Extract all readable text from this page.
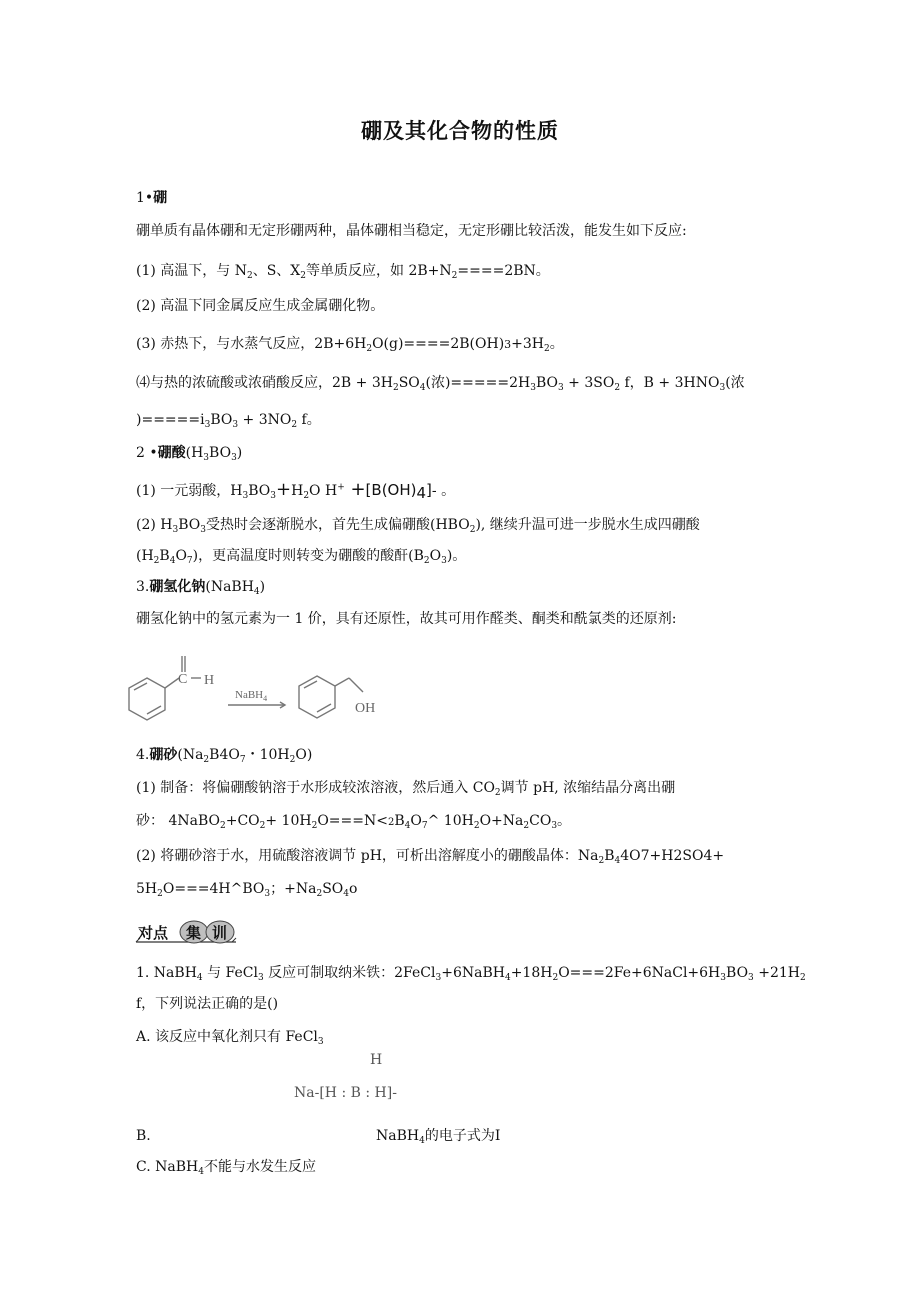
硼及其化合物的性质
1•硼
硼单质有晶体硼和无定形硼两种，晶体硼相当稳定，无定形硼比较活泼，能发生如下反应:
(1) 高温下，与 $N_2$、S、$X_2$等单质反应，如 $2B+N_2====2BN$。
(2) 高温下同金属反应生成金属硼化物。
(3) 赤热下，与水蒸气反应，$2B+6H_2O(g)====2B(OH)3+3H_2$。
⑷与热的浓硫酸或浓硝酸反应，$2B + 3H_2SO_4$(浓)$=====2H_3BO_3 + 3SO_2$ f，$B + 3HNO_3$(浓
)$=====i_3BO_3 + 3NO_2$ f。
2 •硼酸$(H_3BO_3)$
(1) 一元弱酸，$H_3BO_3+H_2O$ $H^+ +[B(OH)_4]-$ 。
(2) $H_3BO_3$受热时会逐渐脱水，首先生成偏硼酸$(HBO_2)$, 继续升温可进一步脱水生成四硼酸
$(H_2B_4O_7)$，更高温度时则转变为硼酸的酸酐$(B_2O_3)$。
3.硼氢化钠(NaBH$_4$)
硼氢化钠中的氢元素为一 1 价，具有还原性，故其可用作醛类、酮类和酰氯类的还原剂:
C H
NaBH$_4$
OH
4.硼砂($Na_2B4O_7$・$10H_2O$)
(1) 制备：将偏硼酸钠溶于水形成较浓溶液，然后通入 $CO_2$调节 pH, 浓缩结晶分离出硼
砂： $4NaBO_2+CO_2+$ $10H_2O===N<2B_4O_7\^{}$ $10H_2O+Na_2CO_3$。
(2) 将硼砂溶于水，用硫酸溶液调节 pH，可析出溶解度小的硼酸晶体：$Na_2B_44O7+H2SO4+$
$5H_2O===4H\^{}BO_3$；$+Na_2SO_4o$
对点 集 训
1. NaBH$_4$ 与 FeCl$_3$ 反应可制取纳米铁：$2FeCl_3+6NaBH_4+18H_2O===2Fe+6NaCl+6H_3BO_3 +21H_2$
f，下列说法正确的是()
A. 该反应中氧化剂只有 FeCl$_3$
H
Na-[H : B : H]-
B.	NaBH$_4$的电子式为I
C. NaBH$_4$不能与水发生反应
